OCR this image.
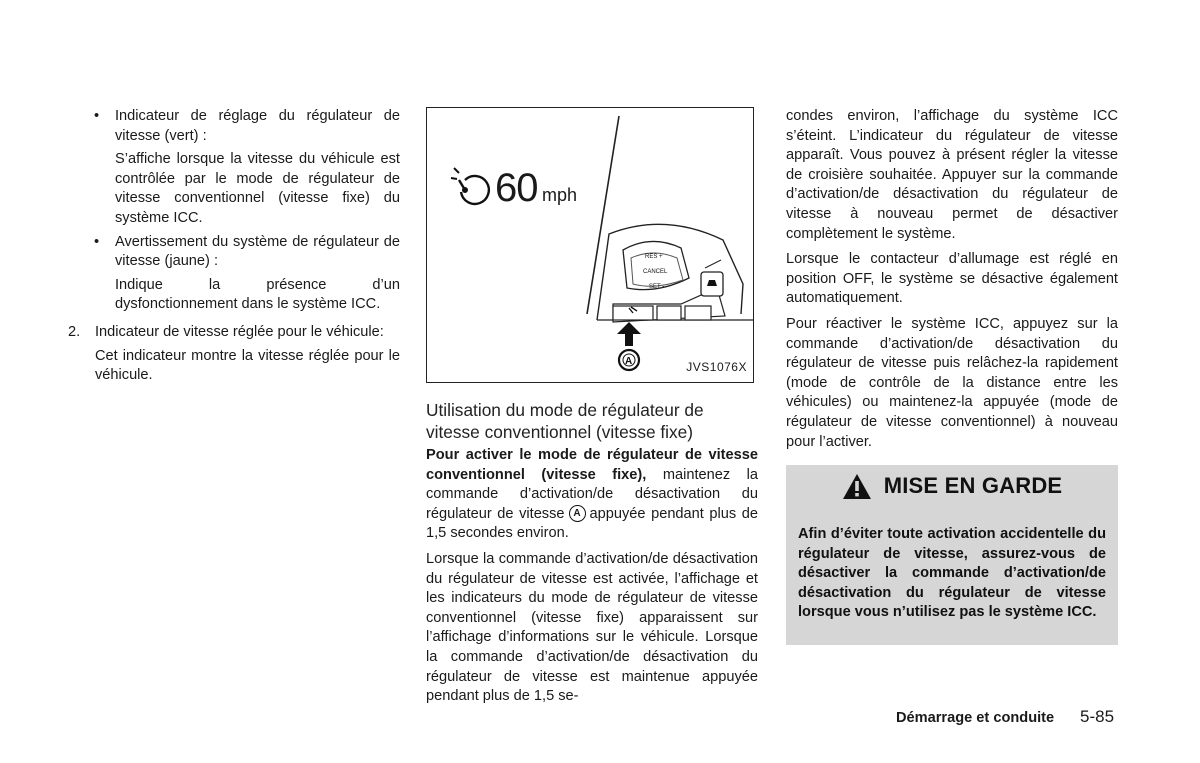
• Indicateur de réglage du régulateur de vitesse (vert) :

S’affiche lorsque la vitesse du véhicule est contrôlée par le mode de régulateur de vitesse conventionnel (vitesse fixe) du système ICC.

• Avertissement du système de régulateur de vitesse (jaune) :

Indique la présence d’un dysfonctionnement dans le système ICC.

2. Indicateur de vitesse réglée pour le véhicule:

Cet indicateur montre la vitesse réglée pour le véhicule.

RES +
CANCEL
SET -
A
60 mph
JVS1076X

Utilisation du mode de régulateur de vitesse conventionnel (vitesse fixe)

Pour activer le mode de régulateur de vitesse conventionnel (vitesse fixe), maintenez la commande d’activation/de désactivation du régulateur de vitesse A appuyée pendant plus de 1,5 secondes environ.

Lorsque la commande d’activation/de désactivation du régulateur de vitesse est activée, l’affichage et les indicateurs du mode de régulateur de vitesse conventionnel (vitesse fixe) apparaissent sur l’affichage d’informations sur le véhicule. Lorsque la commande d’activation/de désactivation du régulateur de vitesse est maintenue appuyée pendant plus de 1,5 se-

condes environ, l’affichage du système ICC s’éteint. L’indicateur du régulateur de vitesse apparaît. Vous pouvez à présent régler la vitesse de croisière souhaitée. Appuyer sur la commande d’activation/de désactivation du régulateur de vitesse à nouveau permet de désactiver complètement le système.

Lorsque le contacteur d’allumage est réglé en position OFF, le système se désactive également automatiquement.

Pour réactiver le système ICC, appuyez sur la commande d’activation/de désactivation du régulateur de vitesse puis relâchez-la rapidement (mode de contrôle de la distance entre les véhicules) ou maintenez-la appuyée (mode de régulateur de vitesse conventionnel) à nouveau pour l’activer.

MISE EN GARDE
Afin d’éviter toute activation accidentelle du régulateur de vitesse, assurez-vous de désactiver la commande d’activation/de désactivation du régulateur de vitesse lorsque vous n’utilisez pas le système ICC.
Démarrage et conduite 5-85
